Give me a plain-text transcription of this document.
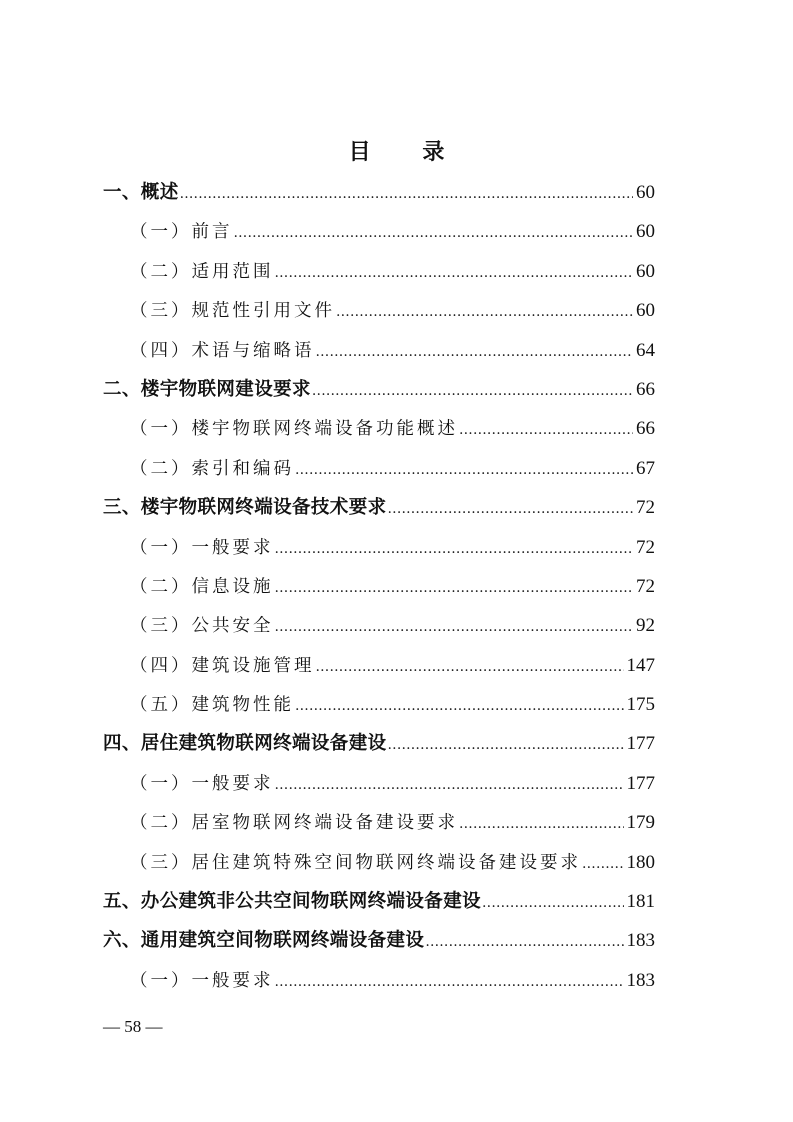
目 录
一、概述 .....	60
（一）前言 .....	60
（二）适用范围 .....	60
（三）规范性引用文件 .....	60
（四）术语与缩略语 .....	64
二、楼宇物联网建设要求 .....	66
（一）楼宇物联网终端设备功能概述 .....	66
（二）索引和编码 .....	67
三、楼宇物联网终端设备技术要求 .....	72
（一）一般要求 .....	72
（二）信息设施 .....	72
（三）公共安全 .....	92
（四）建筑设施管理 .....	147
（五）建筑物性能 .....	175
四、居住建筑物联网终端设备建设 .....	177
（一）一般要求 .....	177
（二）居室物联网终端设备建设要求 .....	179
（三）居住建筑特殊空间物联网终端设备建设要求 ..... 180
五、办公建筑非公共空间物联网终端设备建设 .....	181
六、通用建筑空间物联网终端设备建设 .....	183
（一）一般要求 .....	183
— 58 —
